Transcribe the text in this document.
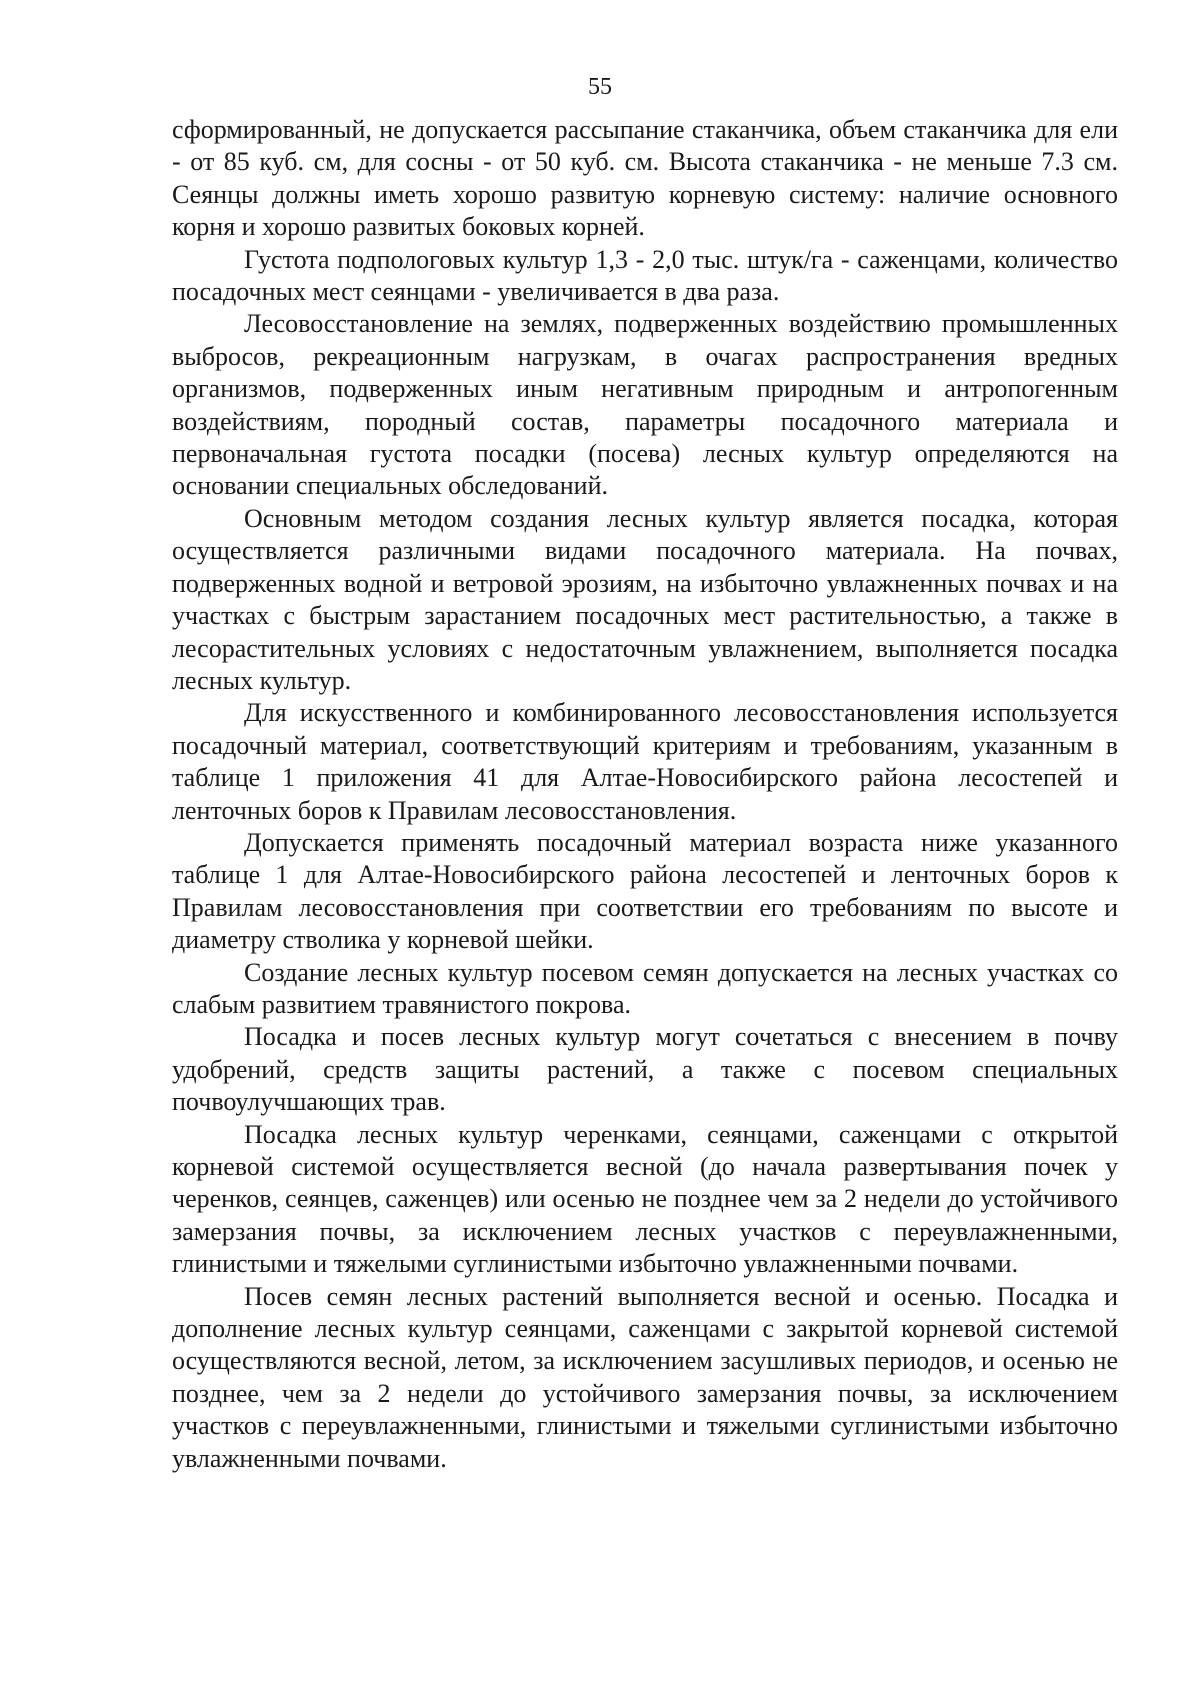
55

сформированный, не допускается рассыпание стаканчика, объем стаканчика для ели - от 85 куб. см, для сосны - от 50 куб. см. Высота стаканчика - не меньше 7.3 см. Сеянцы должны иметь хорошо развитую корневую систему: наличие основного корня и хорошо развитых боковых корней.

Густота подпологовых культур 1,3 - 2,0 тыс. штук/га - саженцами, количество посадочных мест сеянцами - увеличивается в два раза.

Лесовосстановление на землях, подверженных воздействию промышленных выбросов, рекреационным нагрузкам, в очагах распространения вредных организмов, подверженных иным негативным природным и антропогенным воздействиям, породный состав, параметры посадочного материала и первоначальная густота посадки (посева) лесных культур определяются на основании специальных обследований.

Основным методом создания лесных культур является посадка, которая осуществляется различными видами посадочного материала. На почвах, подверженных водной и ветровой эрозиям, на избыточно увлажненных почвах и на участках с быстрым зарастанием посадочных мест растительностью, а также в лесорастительных условиях с недостаточным увлажнением, выполняется посадка лесных культур.

Для искусственного и комбинированного лесовосстановления используется посадочный материал, соответствующий критериям и требованиям, указанным в таблице 1 приложения 41 для Алтае-Новосибирского района лесостепей и ленточных боров к Правилам лесовосстановления.

Допускается применять посадочный материал возраста ниже указанного таблице 1 для Алтае-Новосибирского района лесостепей и ленточных боров к Правилам лесовосстановления при соответствии его требованиям по высоте и диаметру стволика у корневой шейки.

Создание лесных культур посевом семян допускается на лесных участках со слабым развитием травянистого покрова.

Посадка и посев лесных культур могут сочетаться с внесением в почву удобрений, средств защиты растений, а также с посевом специальных почвоулучшающих трав.

Посадка лесных культур черенками, сеянцами, саженцами с открытой корневой системой осуществляется весной (до начала развертывания почек у черенков, сеянцев, саженцев) или осенью не позднее чем за 2 недели до устойчивого замерзания почвы, за исключением лесных участков с переувлажненными, глинистыми и тяжелыми суглинистыми избыточно увлажненными почвами.

Посев семян лесных растений выполняется весной и осенью. Посадка и дополнение лесных культур сеянцами, саженцами с закрытой корневой системой осуществляются весной, летом, за исключением засушливых периодов, и осенью не позднее, чем за 2 недели до устойчивого замерзания почвы, за исключением участков с переувлажненными, глинистыми и тяжелыми суглинистыми избыточно увлажненными почвами.
